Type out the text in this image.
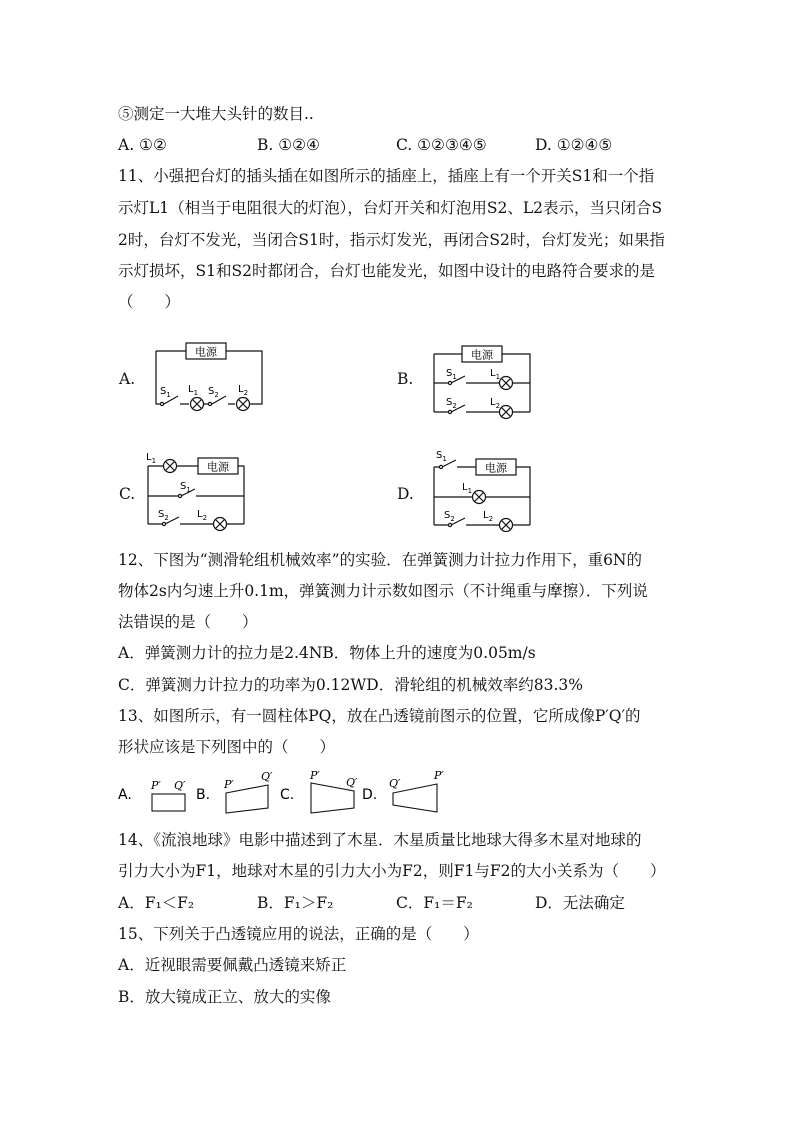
⑤测定一大堆大头针的数目..
A. ①②	B. ①②④	C. ①②③④⑤	D. ①②④⑤
11、小强把台灯的插头插在如图所示的插座上，插座上有一个开关S1和一个指
示灯L1（相当于电阻很大的灯泡），台灯开关和灯泡用S2、L2表示，当只闭合S
2时，台灯不发光，当闭合S1时，指示灯发光，再闭合S2时，台灯发光；如果指
示灯损坏，S1和S2时都闭合，台灯也能发光，如图中设计的电路符合要求的是
（　　）
A.	B.
C.	D.
电源
$S_1$ $L_1$ $S_2$ $L_2$
电源
$S_1$	$L_1$
$S_2$	$L_2$
电源
$L_1$
$S_1$
$S_2$	$L_2$
电源
$S_1$
$L_1$
$S_2$	$L_2$
12、下图为“测滑轮组机械效率”的实验．在弹簧测力计拉力作用下，重6N的
物体2s内匀速上升0.1m，弹簧测力计示数如图示（不计绳重与摩擦）．下列说
法错误的是（　　）
A．弹簧测力计的拉力是2.4NB．物体上升的速度为0.05m/s
C．弹簧测力计拉力的功率为0.12WD．滑轮组的机械效率约83.3%
13、如图所示，有一圆柱体PQ，放在凸透镜前图示的位置，它所成像P′Q′的
形状应该是下列图中的（　　）
A.	B.	C.	D.
P′ Q′	P′
Q′	P′
Q′	Q′
P′
14、《流浪地球》电影中描述到了木星．木星质量比地球大得多木星对地球的
引力大小为F1，地球对木星的引力大小为F2，则F1与F2的大小关系为（　　）
A．F₁＜F₂	B．F₁＞F₂	C．F₁＝F₂	D．无法确定
15、下列关于凸透镜应用的说法，正确的是（　　）
A．近视眼需要佩戴凸透镜来矫正
B．放大镜成正立、放大的实像
